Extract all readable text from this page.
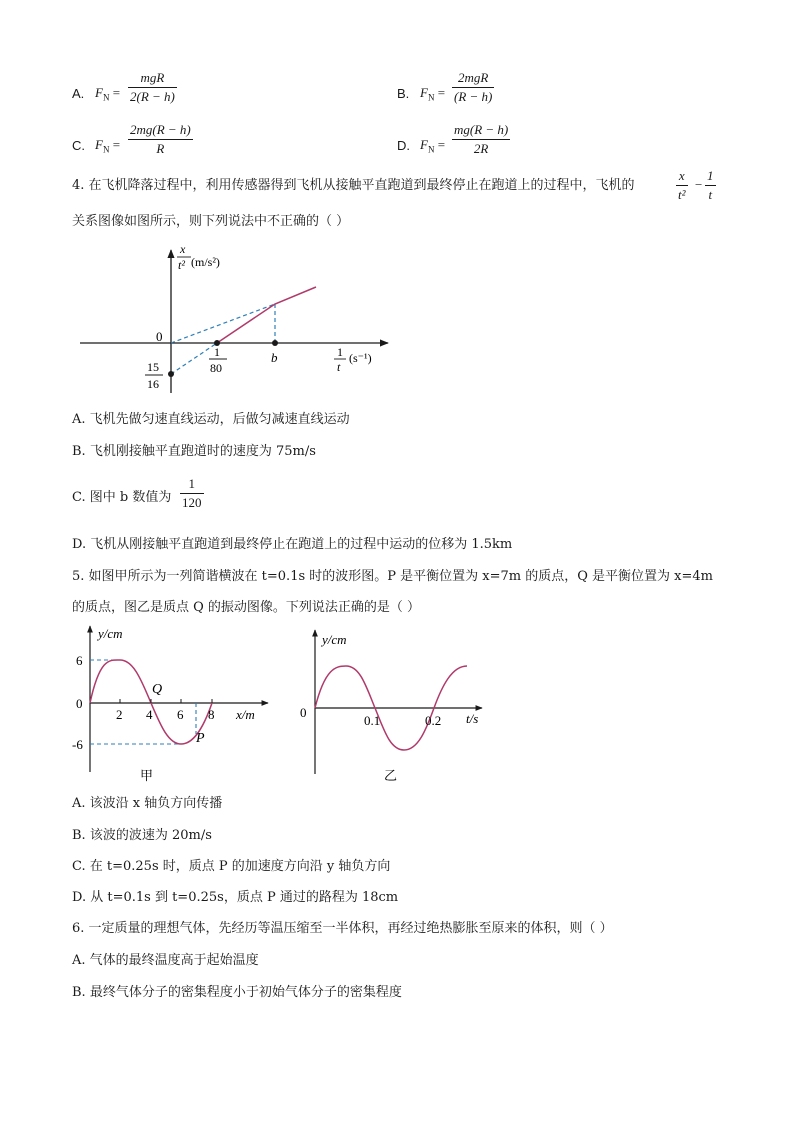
A. $F_N$ =
mgR
2(R − h)	B. $F_N$ =
2mgR
(R − h)
C. $F_N$ =
2mg(R − h)
R	D. $F_N$ =
mg(R − h)
2R
4. 在飞机降落过程中，利用传感器得到飞机从接触平直跑道到最终停止在跑道上的过程中，飞机的
x
t²
−
1
t
关系图像如图所示，则下列说法中不正确的（ ）
x
t² (m/s²)
0
1
80
b
15
16
1
t
(s⁻¹)
A. 飞机先做匀速直线运动，后做匀减速直线运动
B. 飞机刚接触平直跑道时的速度为 75m/s
C. 图中 b 数值为
1
120
D. 飞机从刚接触平直跑道到最终停止在跑道上的过程中运动的位移为 1.5km
5. 如图甲所示为一列简谐横波在 t=0.1s 时的波形图。P 是平衡位置为 x=7m 的质点，Q 是平衡位置为 x=4m
的质点，图乙是质点 Q 的振动图像。下列说法正确的是（ ）
y/cm
6
0
-6
2 4 6 8 x/m
Q
P
甲
y/cm
0
0.1	0.2 t/s
乙
A. 该波沿 x 轴负方向传播
B. 该波的波速为 20m/s
C. 在 t=0.25s 时，质点 P 的加速度方向沿 y 轴负方向
D. 从 t=0.1s 到 t=0.25s，质点 P 通过的路程为 18cm
6. 一定质量的理想气体，先经历等温压缩至一半体积，再经过绝热膨胀至原来的体积，则（ ）
A. 气体的最终温度高于起始温度
B. 最终气体分子的密集程度小于初始气体分子的密集程度
